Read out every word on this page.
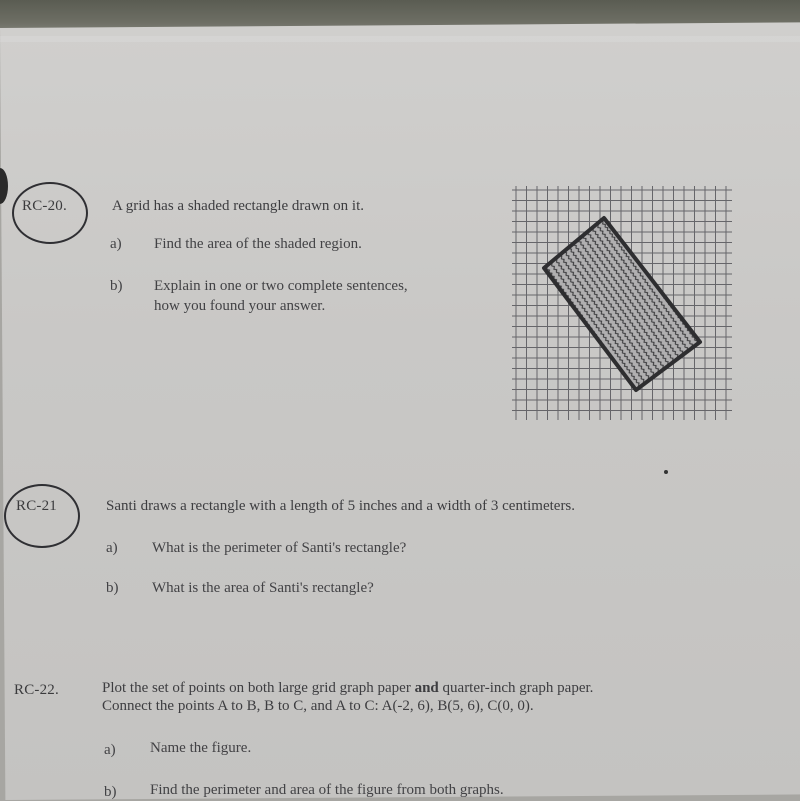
RC-20.	A grid has a shaded rectangle drawn on it.
a) Find the area of the shaded region.
b) Explain in one or two complete sentences,
how you found your answer.
RC-21	Santi draws a rectangle with a length of 5 inches and a width of 3 centimeters.
a) What is the perimeter of Santi's rectangle?
b) What is the area of Santi's rectangle?
RC-22.	Plot the set of points on both large grid graph paper and quarter-inch graph paper.
Connect the points A to B, B to C, and A to C: A(-2, 6), B(5, 6), C(0, 0).
a) Name the figure.
b) Find the perimeter and area of the figure from both graphs.
